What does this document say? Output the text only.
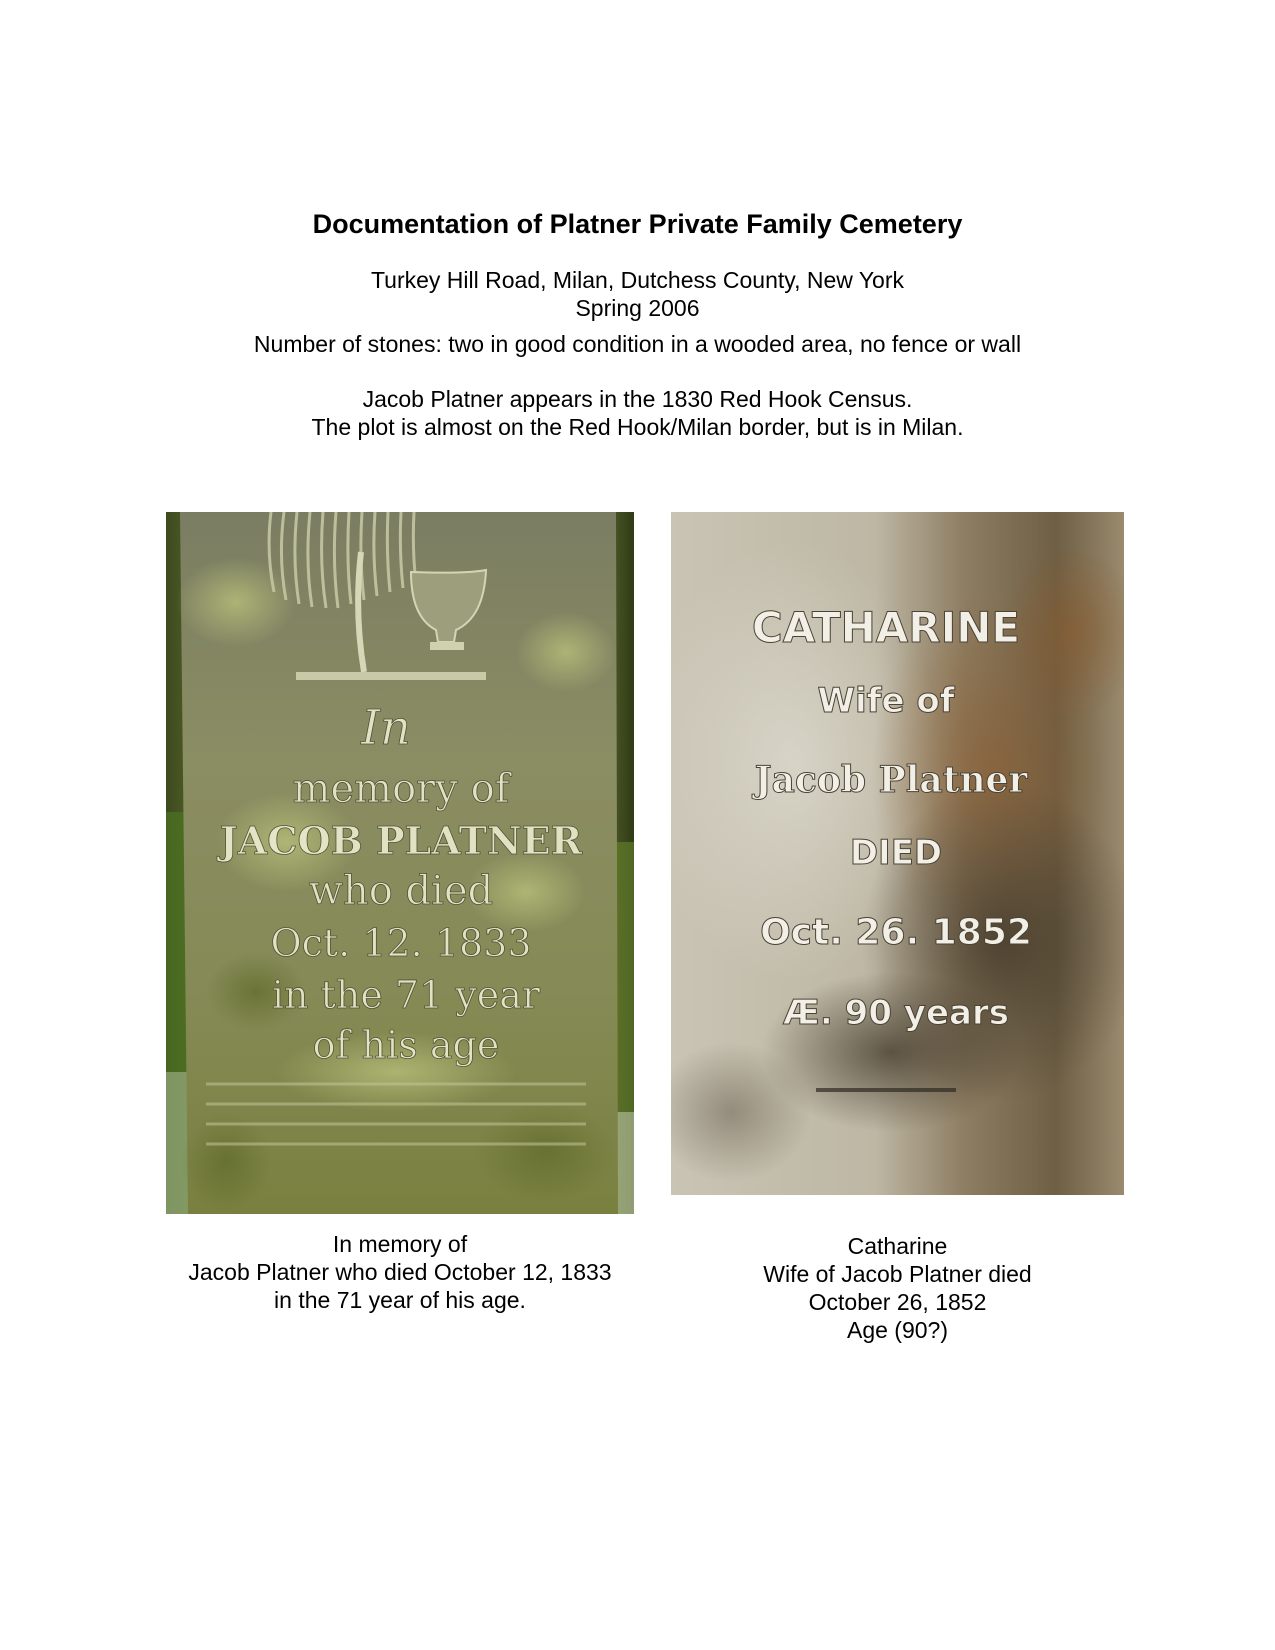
Documentation of Platner Private Family Cemetery
Turkey Hill Road, Milan, Dutchess County, New York
Spring 2006
Number of stones: two in good condition in a wooded area, no fence or wall
Jacob Platner appears in the 1830 Red Hook Census.
The plot is almost on the Red Hook/Milan border, but is in Milan.
In
memory of
JACOB PLATNER
who died
Oct. 12. 1833
in the 71 year
of his age
CATHARINE
Wife of
Jacob Platner
DIED
Oct. 26. 1852
Æ. 90 years
In memory of
Jacob Platner who died October 12, 1833
in the 71 year of his age.
Catharine
Wife of Jacob Platner died
October 26, 1852
Age (90?)
